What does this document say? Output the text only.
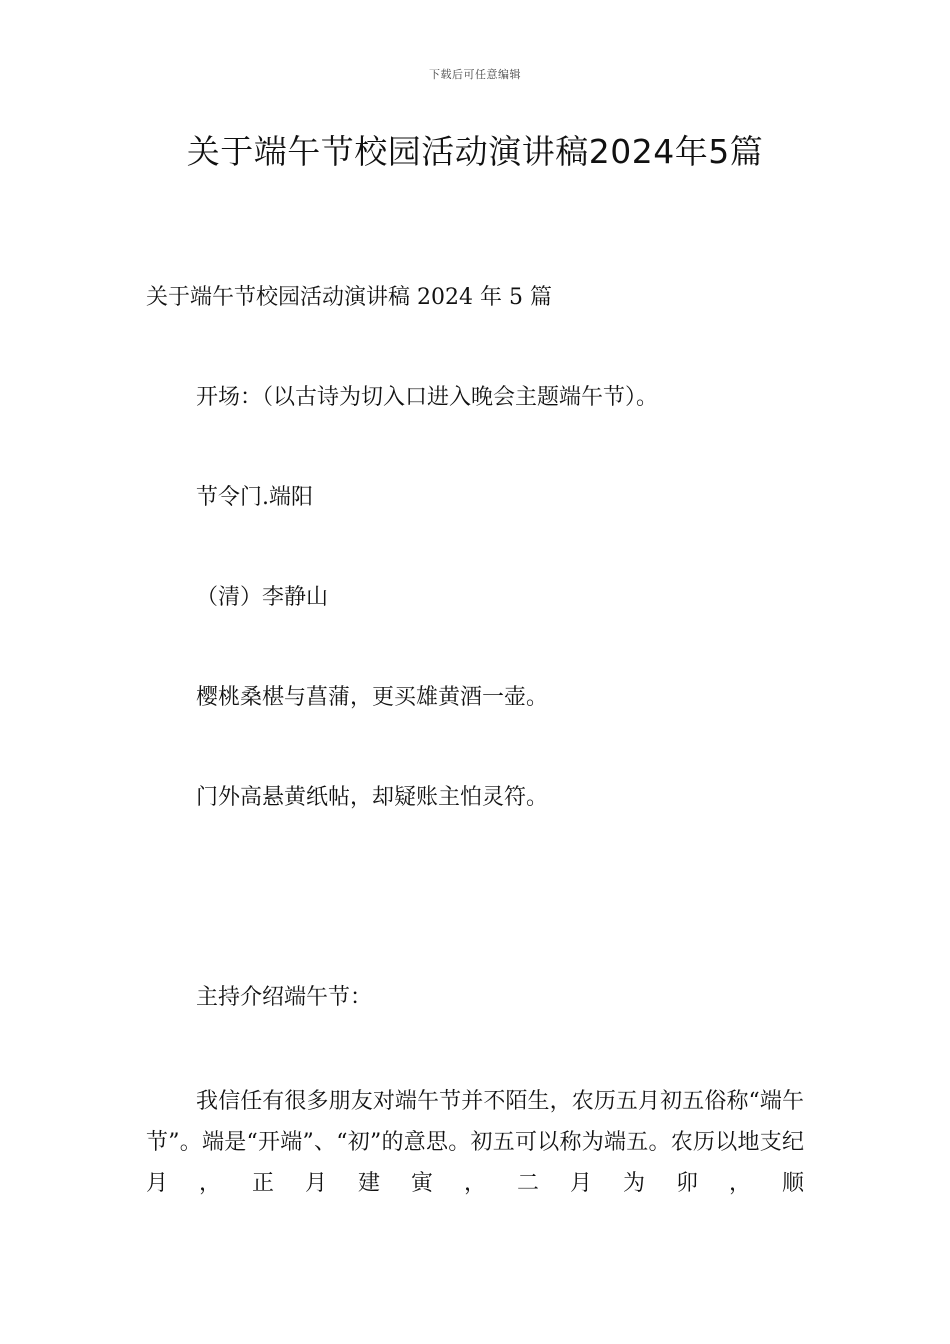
下载后可任意编辑
关于端午节校园活动演讲稿2024年5篇
关于端午节校园活动演讲稿 2024 年 5 篇
开场：（以古诗为切入口进入晚会主题端午节）。
节令门.端阳
（清）李静山
樱桃桑椹与菖蒲，更买雄黄酒一壶。
门外高悬黄纸帖，却疑账主怕灵符。
主持介绍端午节：

我信任有很多朋友对端午节并不陌生，农历五月初五俗称“端午节”。端是“开端”、“初”的意思。初五可以称为端五。农历以地支纪月，正月建寅，二月为卯，顺
